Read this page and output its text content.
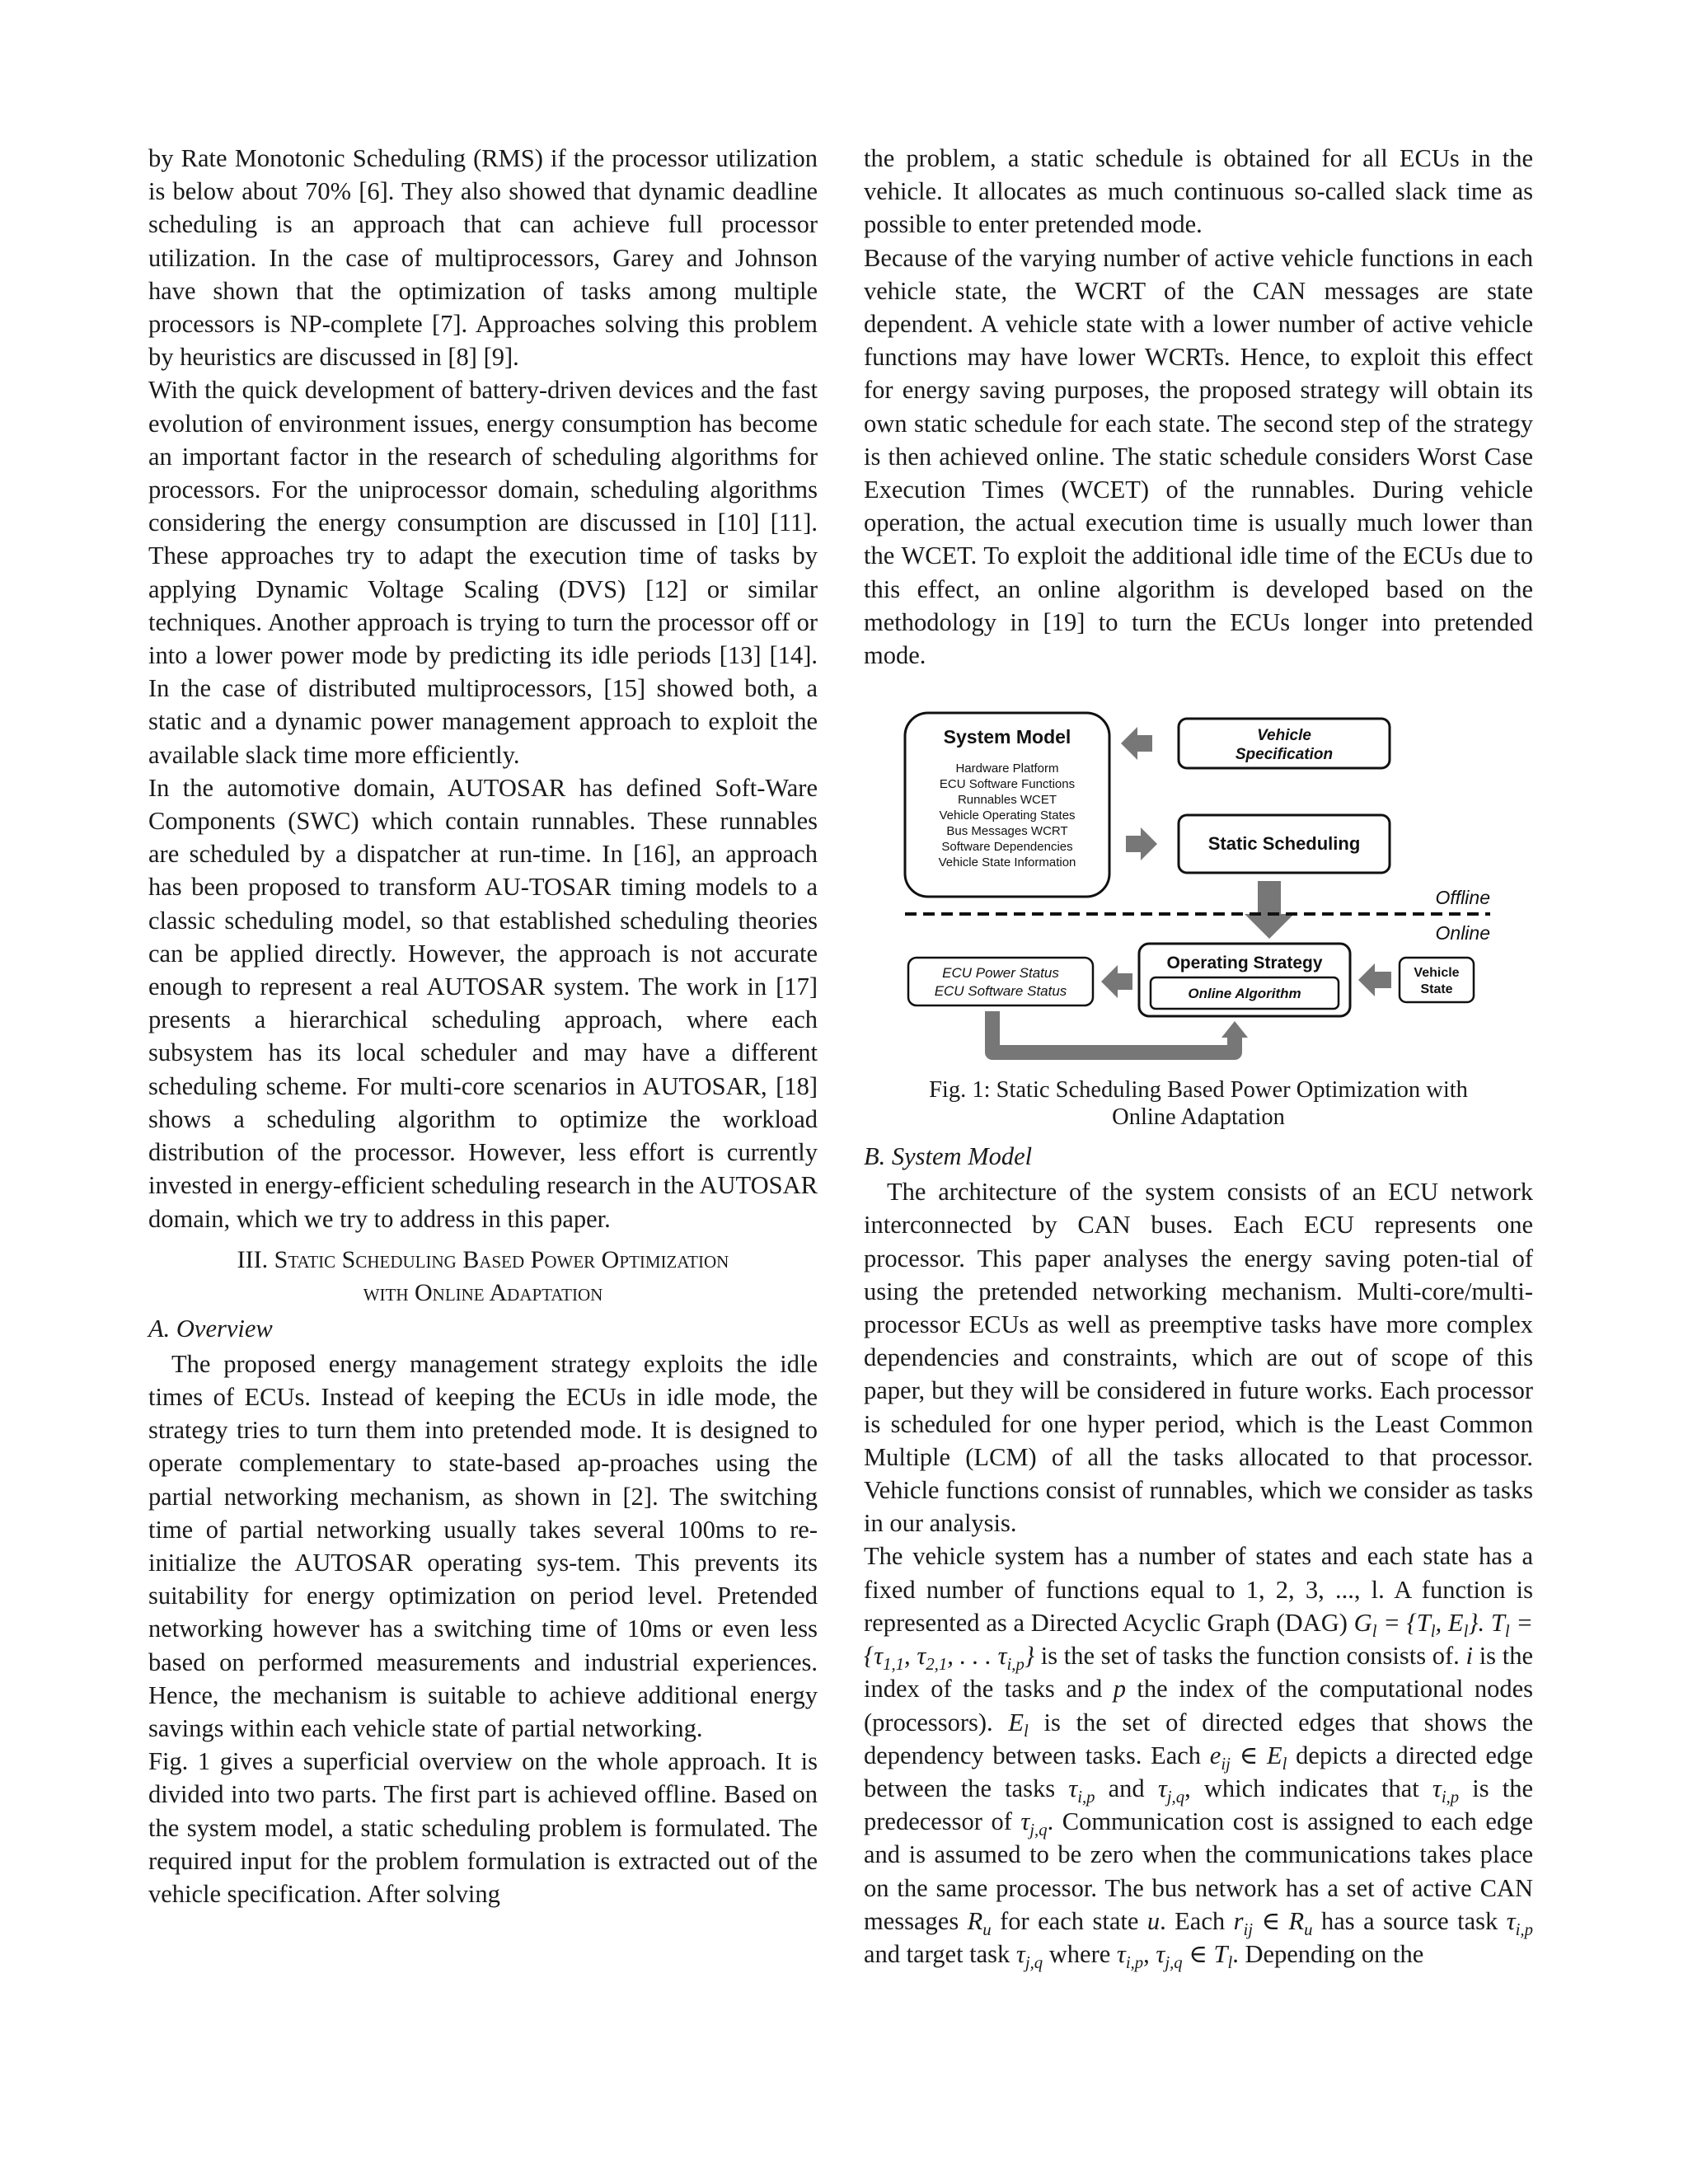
by Rate Monotonic Scheduling (RMS) if the processor utilization is below about 70% [6]. They also showed that dynamic deadline scheduling is an approach that can achieve full processor utilization. In the case of multiprocessors, Garey and Johnson have shown that the optimization of tasks among multiple processors is NP-complete [7]. Approaches solving this problem by heuristics are discussed in [8] [9].

With the quick development of battery-driven devices and the fast evolution of environment issues, energy consumption has become an important factor in the research of scheduling algorithms for processors. For the uniprocessor domain, scheduling algorithms considering the energy consumption are discussed in [10] [11]. These approaches try to adapt the execution time of tasks by applying Dynamic Voltage Scaling (DVS) [12] or similar techniques. Another approach is trying to turn the processor off or into a lower power mode by predicting its idle periods [13] [14]. In the case of distributed multiprocessors, [15] showed both, a static and a dynamic power management approach to exploit the available slack time more efficiently.

In the automotive domain, AUTOSAR has defined Soft-Ware Components (SWC) which contain runnables. These runnables are scheduled by a dispatcher at run-time. In [16], an approach has been proposed to transform AU-TOSAR timing models to a classic scheduling model, so that established scheduling theories can be applied directly. However, the approach is not accurate enough to represent a real AUTOSAR system. The work in [17] presents a hierarchical scheduling approach, where each subsystem has its local scheduler and may have a different scheduling scheme. For multi-core scenarios in AUTOSAR, [18] shows a scheduling algorithm to optimize the workload distribution of the processor. However, less effort is currently invested in energy-efficient scheduling research in the AUTOSAR domain, which we try to address in this paper.

III. Static Scheduling Based Power Optimization
with Online Adaptation
A. Overview

The proposed energy management strategy exploits the idle times of ECUs. Instead of keeping the ECUs in idle mode, the strategy tries to turn them into pretended mode. It is designed to operate complementary to state-based ap-proaches using the partial networking mechanism, as shown in [2]. The switching time of partial networking usually takes several 100ms to re-initialize the AUTOSAR operating sys-tem. This prevents its suitability for energy optimization on period level. Pretended networking however has a switching time of 10ms or even less based on performed measurements and industrial experiences. Hence, the mechanism is suitable to achieve additional energy savings within each vehicle state of partial networking.

Fig. 1 gives a superficial overview on the whole approach. It is divided into two parts. The first part is achieved offline. Based on the system model, a static scheduling problem is formulated. The required input for the problem formulation is extracted out of the vehicle specification. After solving

the problem, a static schedule is obtained for all ECUs in the vehicle. It allocates as much continuous so-called slack time as possible to enter pretended mode.

Because of the varying number of active vehicle functions in each vehicle state, the WCRT of the CAN messages are state dependent. A vehicle state with a lower number of active vehicle functions may have lower WCRTs. Hence, to exploit this effect for energy saving purposes, the proposed strategy will obtain its own static schedule for each state. The second step of the strategy is then achieved online. The static schedule considers Worst Case Execution Times (WCET) of the runnables. During vehicle operation, the actual execution time is usually much lower than the WCET. To exploit the additional idle time of the ECUs due to this effect, an online algorithm is developed based on the methodology in [19] to turn the ECUs longer into pretended mode.

System Model
Hardware Platform
ECU Software Functions
Runnables WCET
Vehicle Operating States
Bus Messages WCRT
Software Dependencies
Vehicle State Information
Vehicle
Specification
Static Scheduling
Offline
Online
Operating Strategy
Online Algorithm
ECU Power Status
ECU Software Status
Vehicle
State
Fig. 1: Static Scheduling Based Power Optimization with
Online Adaptation
B. System Model

The architecture of the system consists of an ECU network interconnected by CAN buses. Each ECU represents one processor. This paper analyses the energy saving poten-tial of using the pretended networking mechanism. Multi-core/multi-processor ECUs as well as preemptive tasks have more complex dependencies and constraints, which are out of scope of this paper, but they will be considered in future works. Each processor is scheduled for one hyper period, which is the Least Common Multiple (LCM) of all the tasks allocated to that processor. Vehicle functions consist of runnables, which we consider as tasks in our analysis.

The vehicle system has a number of states and each state has a fixed number of functions equal to 1, 2, 3, ..., l. A function is represented as a Directed Acyclic Graph (DAG) $G_l = \{T_l$, $E_l$}. $T_l = \{\tau_{1,1}$, $\tau_{2,1}$, . . . $\tau_{i,p}$} is the set of tasks the function consists of. i is the index of the tasks and p the index of the computational nodes (processors). $E_l$ is the set of directed edges that shows the dependency between tasks. Each $e_{ij}$ ∈ $E_l$ depicts a directed edge between the tasks $\tau_{i,p}$ and $\tau_{j,q}$, which indicates that $\tau_{i,p}$ is the predecessor of $\tau_{j,q}$. Communication cost is assigned to each edge and is assumed to be zero when the communications takes place on the same processor. The bus network has a set of active CAN messages $R_u$ for each state u. Each $r_{ij}$ ∈ $R_u$ has a source task $\tau_{i,p}$ and target task $\tau_{j,q}$ where $\tau_{i,p}$, $\tau_{j,q}$ ∈ $T_l$. Depending on the
